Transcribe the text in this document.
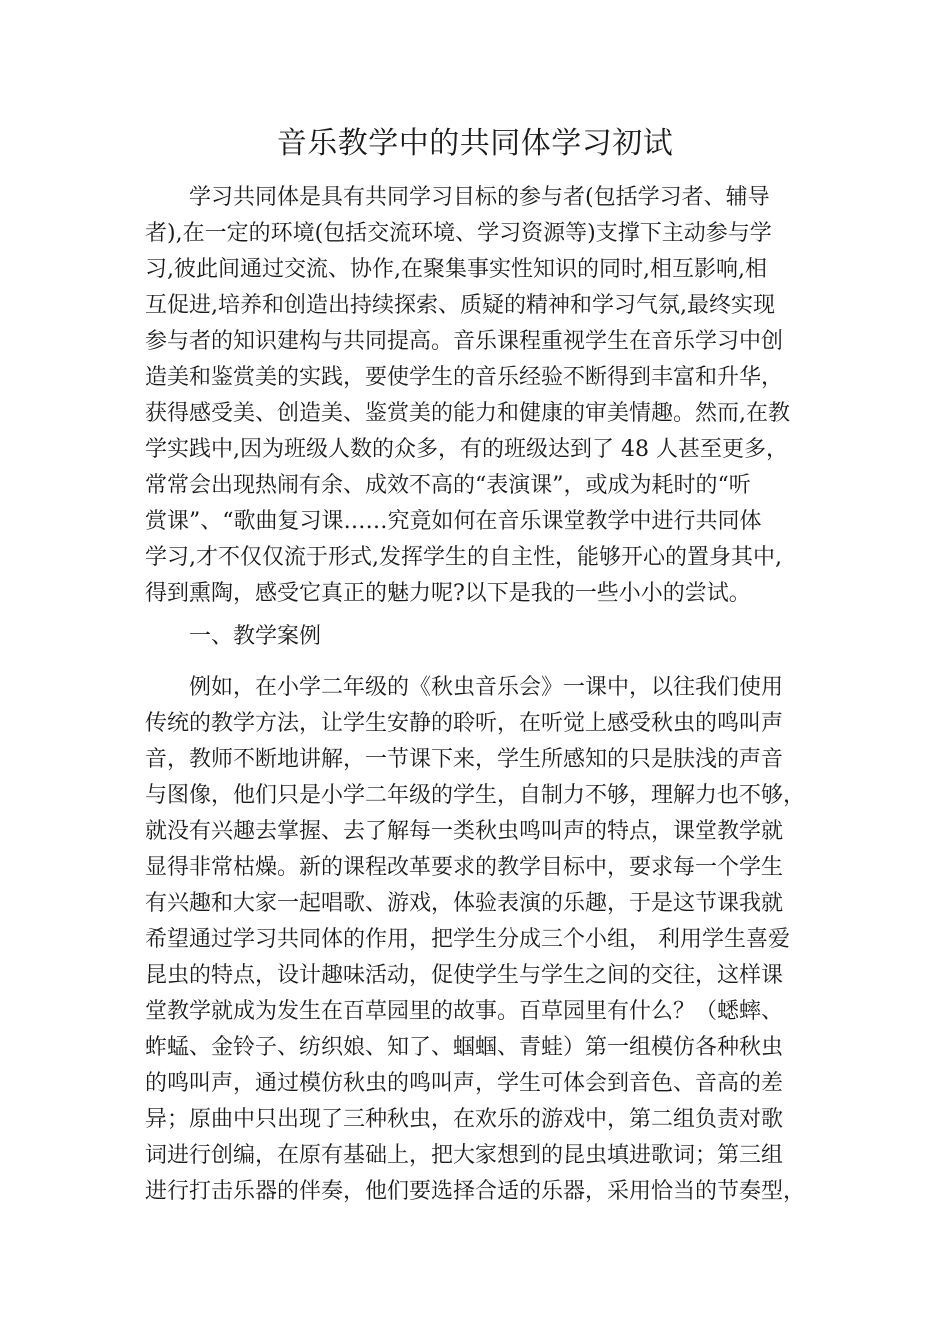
音乐教学中的共同体学习初试

学习共同体是具有共同学习目标的参与者(包括学习者、辅导

者),在一定的环境(包括交流环境、学习资源等)支撑下主动参与学

习,彼此间通过交流、协作,在聚集事实性知识的同时,相互影响,相

互促进,培养和创造出持续探索、质疑的精神和学习气氛,最终实现

参与者的知识建构与共同提高。音乐课程重视学生在音乐学习中创

造美和鉴赏美的实践，要使学生的音乐经验不断得到丰富和升华，

获得感受美、创造美、鉴赏美的能力和健康的审美情趣。然而,在教

学实践中,因为班级人数的众多，有的班级达到了 48 人甚至更多，

常常会出现热闹有余、成效不高的“表演课”，或成为耗时的“听

赏课”、“歌曲复习课……究竟如何在音乐课堂教学中进行共同体

学习,才不仅仅流于形式,发挥学生的自主性，能够开心的置身其中,

得到熏陶，感受它真正的魅力呢?以下是我的一些小小的尝试。

一、教学案例

例如，在小学二年级的《秋虫音乐会》一课中，以往我们使用

传统的教学方法，让学生安静的聆听，在听觉上感受秋虫的鸣叫声

音，教师不断地讲解，一节课下来，学生所感知的只是肤浅的声音

与图像，他们只是小学二年级的学生，自制力不够，理解力也不够，

就没有兴趣去掌握、去了解每一类秋虫鸣叫声的特点，课堂教学就

显得非常枯燥。新的课程改革要求的教学目标中，要求每一个学生

有兴趣和大家一起唱歌、游戏，体验表演的乐趣，于是这节课我就

希望通过学习共同体的作用，把学生分成三个小组， 利用学生喜爱

昆虫的特点，设计趣味活动，促使学生与学生之间的交往，这样课

堂教学就成为发生在百草园里的故事。百草园里有什么？（蟋蟀、

蚱蜢、金铃子、纺织娘、知了、蝈蝈、青蛙）第一组模仿各种秋虫

的鸣叫声，通过模仿秋虫的鸣叫声，学生可体会到音色、音高的差

异；原曲中只出现了三种秋虫，在欢乐的游戏中，第二组负责对歌

词进行创编，在原有基础上，把大家想到的昆虫填进歌词；第三组

进行打击乐器的伴奏，他们要选择合适的乐器，采用恰当的节奏型，
